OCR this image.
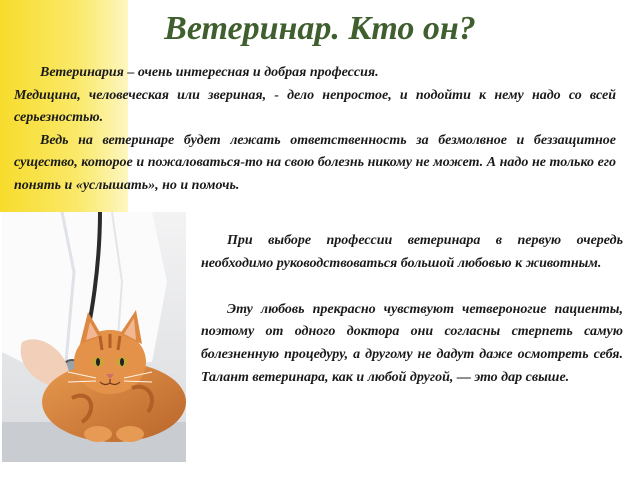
Ветеринар. Кто он?

Ветеринария – очень интересная и добрая профессия.

Медицина, человеческая или звериная, - дело непростое, и подойти к нему надо со всей серьезностью.

Ведь на ветеринаре будет лежать ответственность за безмолвное и беззащитное существо, которое и пожаловаться-то на свою болезнь никому не может. А надо не только его понять и «услышать», но и помочь.

При выборе профессии ветеринара в первую очередь необходимо руководствоваться большой любовью к животным.

Эту любовь прекрасно чувствуют четвероногие пациенты, поэтому от одного доктора они согласны стерпеть самую болезненную процедуру, а другому не дадут даже осмотреть себя. Талант ветеринара, как и любой другой, — это дар свыше.
